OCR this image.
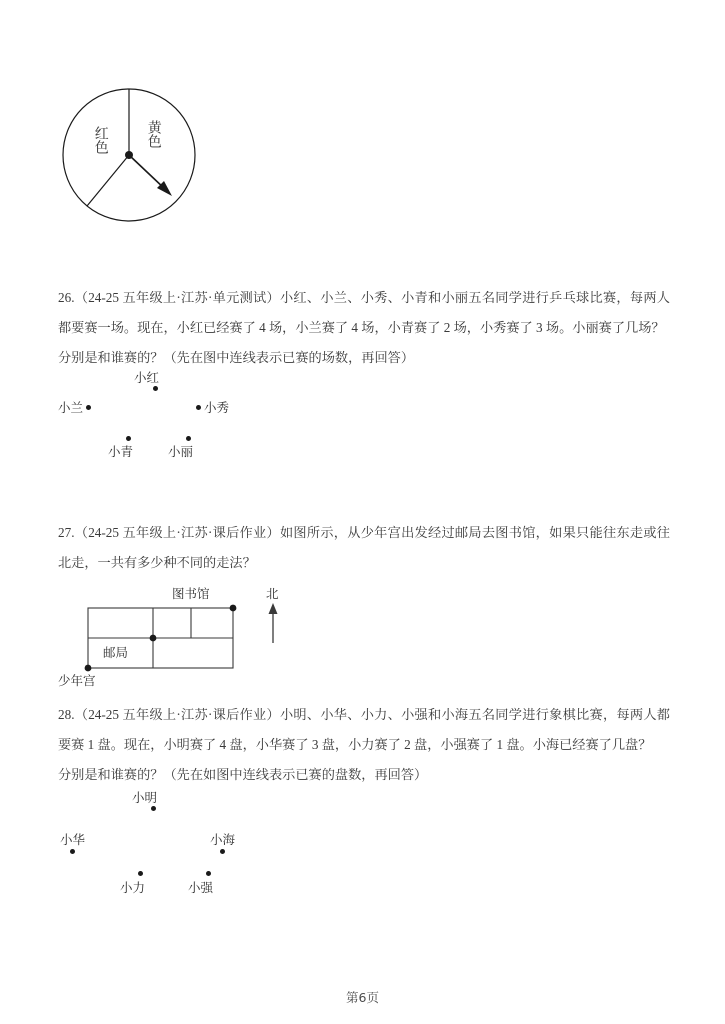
红色	黄色

26.（24-25 五年级上·江苏·单元测试）小红、小兰、小秀、小青和小丽五名同学进行乒乓球比赛，每两人都要赛一场。现在，小红已经赛了 4 场，小兰赛了 4 场，小青赛了 2 场，小秀赛了 3 场。小丽赛了几场？

分别是和谁赛的？（先在图中连线表示已赛的场数，再回答）

小红
小兰	小秀
小青	小丽

27.（24-25 五年级上·江苏·课后作业）如图所示，从少年宫出发经过邮局去图书馆，如果只能往东走或往北走，一共有多少种不同的走法？

图书馆	北
邮局
少年宫

28.（24-25 五年级上·江苏·课后作业）小明、小华、小力、小强和小海五名同学进行象棋比赛，每两人都要赛 1 盘。现在，小明赛了 4 盘，小华赛了 3 盘，小力赛了 2 盘，小强赛了 1 盘。小海已经赛了几盘？

分别是和谁赛的？（先在如图中连线表示已赛的盘数，再回答）

小明
小华	小海
小力	小强
第6页
